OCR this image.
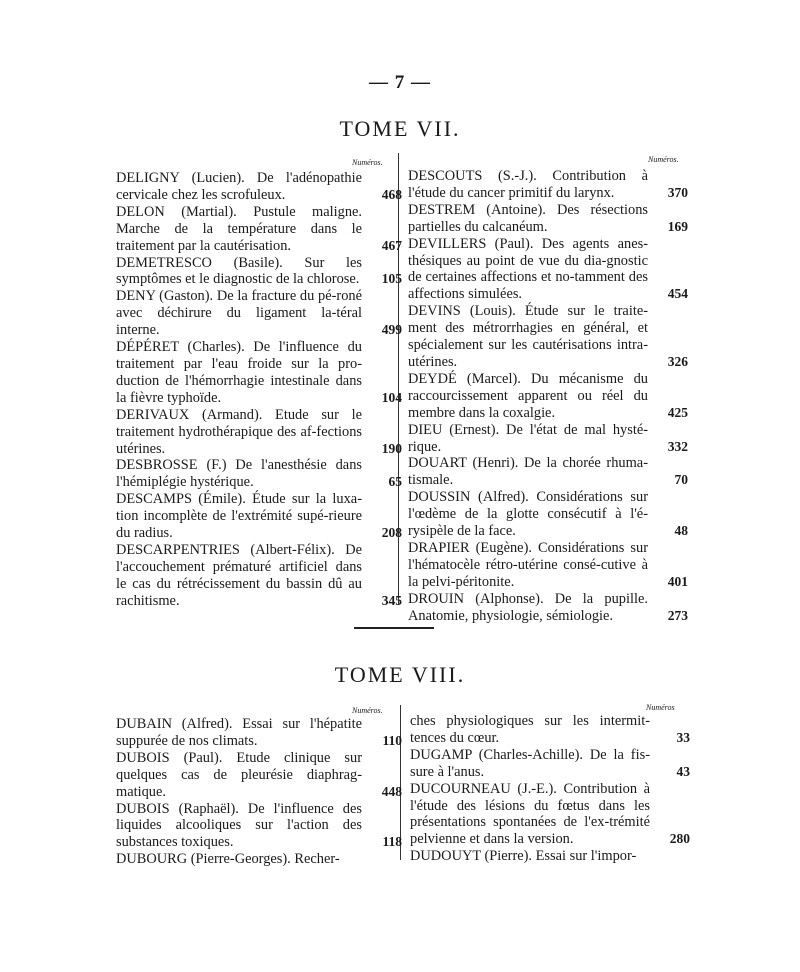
— 7 —
TOME VII.
Numéros.	Numéros.
DELIGNY (Lucien). De l'adénopathie cervicale chez les scrofuleux.	468
DELON (Martial). Pustule maligne. Marche de la température dans le traitement par la cautérisation.	467
DEMETRESCO (Basile). Sur les symptômes et le diagnostic de la chlorose. 105
DENY (Gaston). De la fracture du pé-roné avec déchirure du ligament la-téral interne.	499
DÉPÉRET (Charles). De l'influence du traitement par l'eau froide sur la pro-duction de l'hémorrhagie intestinale dans la fièvre typhoïde.	104
DERIVAUX (Armand). Etude sur le traitement hydrothérapique des af-fections utérines.	190
DESBROSSE (F.) De l'anesthésie dans l'hémiplégie hystérique.	65
DESCAMPS (Émile). Étude sur la luxa-tion incomplète de l'extrémité supé-rieure du radius.	208
DESCARPENTRIES (Albert-Félix). De l'accouchement prématuré artificiel dans le cas du rétrécissement du bassin dû au rachitisme.	345
DESCOUTS (S.-J.). Contribution à l'étude du cancer primitif du larynx.	370
DESTREM (Antoine). Des résections partielles du calcanéum.	169
DEVILLERS (Paul). Des agents anes-thésiques au point de vue du dia-gnostic de certaines affections et no-tamment des affections simulées.	454
DEVINS (Louis). Étude sur le traite-ment des métrorrhagies en général, et spécialement sur les cautérisations intra-utérines.	326
DEYDÉ (Marcel). Du mécanisme du raccourcissement apparent ou réel du membre dans la coxalgie.	425
DIEU (Ernest). De l'état de mal hysté-rique.	332
DOUART (Henri). De la chorée rhuma-tismale.	70
DOUSSIN (Alfred). Considérations sur l'œdème de la glotte consécutif à l'é-rysipèle de la face.	48
DRAPIER (Eugène). Considérations sur l'hématocèle rétro-utérine consé-cutive à la pelvi-péritonite.	401
DROUIN (Alphonse). De la pupille. Anatomie, physiologie, sémiologie.	273
TOME VIII.
Numéros.	Numéros
DUBAIN (Alfred). Essai sur l'hépatite suppurée de nos climats.	110
DUBOIS (Paul). Etude clinique sur quelques cas de pleurésie diaphrag-matique.	448
DUBOIS (Raphaël). De l'influence des liquides alcooliques sur l'action des substances toxiques.	118
DUBOURG (Pierre-Georges). Recher-
ches physiologiques sur les intermit-tences du cœur.	33
DUGAMP (Charles-Achille). De la fis-sure à l'anus.	43
DUCOURNEAU (J.-E.). Contribution à l'étude des lésions du fœtus dans les présentations spontanées de l'ex-trémité pelvienne et dans la version.	280
DUDOUYT (Pierre). Essai sur l'impor-
